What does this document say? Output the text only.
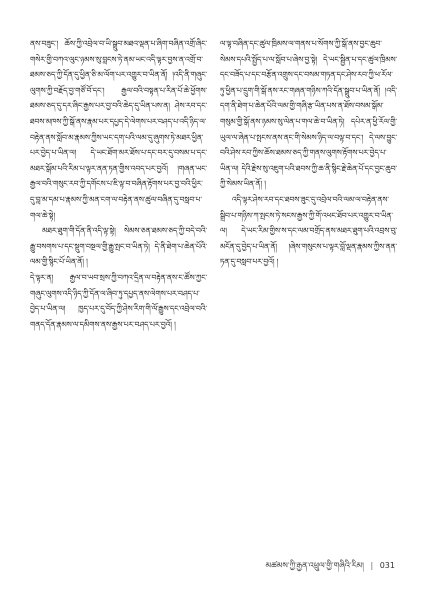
ནས་བཟུང་། ཆོས་ཀྱི་འབྲེལ་བ་ཡི་སྒྲུབ་མཐའ་ལྡན་པ་ཞིག་བཞིན་འགྲོ་ཞིང་གསེར་གྱི་བཀའ་ལུང་ཉམས་སུ་བླངས་ཏེ་ནམ་ཡང་འདི་ལྟར་བྱས་ན་འགྲོ་བ་ཐམས་ཅད་ཀྱི་དོན་དུ་ཕྱིན་ཅི་མ་ལོག་པར་འགྱུར་བ་ཡིན་ནོ། །འདི་ནི་གཞུང་ལུགས་ཀྱི་བརྗོད་བྱ་གཙོ་བོ་དང་། རྒྱལ་བའི་བསྟན་པ་རིན་པོ་ཆེ་ཕྱོགས་ཐམས་ཅད་དུ་དར་ཞིང་རྒྱས་པར་བྱ་བའི་ཆེད་དུ་ཡིན་པས་ན། ཤེས་རབ་དང་ཐབས་མཁས་ཀྱི་སྒོ་ནས་རྣམ་པར་དཔྱད་དེ་ལེགས་པར་བཤད་པ་འདི་ཉིད་ལ་བརྟེན་ནས་སློབ་མ་རྣམས་ཀྱིས་ཡང་དག་པའི་ལམ་དུ་ཞུགས་ཏེ་མཐར་ཕྱིན་པར་བྱེད་པ་ཡིན་ལ། དེ་ཡང་ཐོག་མར་ཐོས་པ་དང་བར་དུ་བསམ་པ་དང་མཐར་སྒོམ་པའི་རིམ་པ་ལྟར་ནན་ཏན་གྱིས་འབད་པར་བྱའོ། །གཞན་ཡང་རྒྱལ་བའི་གསུང་རབ་ཀྱི་དགོངས་པ་ཇི་ལྟ་བ་བཞིན་རྟོགས་པར་བྱ་བའི་ཕྱིར་དུ་བླ་མ་དམ་པ་རྣམས་ཀྱི་མན་ངག་ལ་བརྟེན་ནས་ཚུལ་བཞིན་དུ་བསླབ་པ་གལ་ཆེ་སྟེ།

མཐར་ཐུག་གི་དོན་ནི་འདི་ལྟ་སྟེ། སེམས་ཅན་ཐམས་ཅད་ཀྱི་བདེ་བའི་རྒྱུ་བསགས་པ་དང་སྡུག་བསྔལ་གྱི་རྒྱུ་སྤང་བ་ཡིན་ཏེ། དེ་ནི་ཐེག་པ་ཆེན་པོའི་ལམ་གྱི་སྙིང་པོ་ཡིན་ནོ། །

དེ་ལྟར་ན། རྒྱལ་བ་ཡབ་སྲས་ཀྱི་བཀའ་དྲིན་ལ་བརྟེན་ནས་ང་ཚོས་ཀྱང་གཞུང་ལུགས་འདི་ཉིད་ཀྱི་དོན་ལ་ཞིབ་ཏུ་དཔྱད་ནས་ལེགས་པར་བཤད་པ་བྱེད་པ་ཡིན་ལ། ཁྱད་པར་དུ་བོད་ཀྱི་ཤེས་རིག་གི་ལོ་རྒྱུས་དང་འབྲེལ་བའི་གནད་དོན་རྣམས་ལ་དམིགས་ནས་རྒྱས་པར་བཤད་པར་བྱའོ། །

ལ་ལྟ་བཞིན་དང་ཚུལ་ཁྲིམས་ལ་གནས་པ་སོགས་ཀྱི་སྒོ་ནས་བྱང་ཆུབ་སེམས་དཔའི་སྤྱོད་པ་ལ་སློབ་པ་ཞེས་བྱ་སྟེ། དེ་ཡང་སྦྱིན་པ་དང་ཚུལ་ཁྲིམས་དང་བཟོད་པ་དང་བརྩོན་འགྲུས་དང་བསམ་གཏན་དང་ཤེས་རབ་ཀྱི་ཕ་རོལ་ཏུ་ཕྱིན་པ་དྲུག་གི་སྒོ་ནས་རང་གཞན་གཉིས་ཀའི་དོན་སྒྲུབ་པ་ཡིན་ནོ། །འདི་དག་ནི་ཐེག་པ་ཆེན་པོའི་ལམ་གྱི་གཞི་རྩ་ཡིན་པས་ན་ཐོས་བསམ་སྒོམ་གསུམ་གྱི་སྒོ་ནས་ཉམས་སུ་ལེན་པ་གལ་ཆེ་བ་ཡིན་ཏེ། དཔེར་ན་ཕྱི་རོལ་གྱི་ཡུལ་ལ་ཞེན་པ་སྤངས་ནས་ནང་གི་སེམས་ཉིད་ལ་བལྟ་བ་དང་། དེ་ལས་བྱུང་བའི་ཤེས་རབ་ཀྱིས་ཆོས་ཐམས་ཅད་ཀྱི་གནས་ལུགས་རྟོགས་པར་བྱེད་པ་ཡིན་ལ། དེའི་རྗེས་སུ་འཇུག་པའི་ཐབས་ཀྱི་ཆ་ནི་སྙིང་རྗེ་ཆེན་པོ་དང་བྱང་ཆུབ་ཀྱི་སེམས་ཡིན་ནོ། །

འདི་ལྟར་ཤེས་རབ་དང་ཐབས་ཟུང་དུ་འབྲེལ་བའི་ལམ་ལ་བརྟེན་ནས་སྒྲིབ་པ་གཉིས་ཀ་སྤངས་ཏེ་སངས་རྒྱས་ཀྱི་གོ་འཕང་ཐོབ་པར་འགྱུར་བ་ཡིན་ལ། དེ་ཡང་རིམ་གྱིས་ས་དང་ལམ་བགྲོད་ནས་མཐར་ཐུག་པའི་འབྲས་བུ་མངོན་དུ་བྱེད་པ་ཡིན་ནོ། །ཞེས་གསུངས་པ་ལྟར་བློ་ལྡན་རྣམས་ཀྱིས་ནན་ཏན་དུ་བསླབ་པར་བྱའོ། །

མཚམས་ཀྱི་རྒྱན་འཕྲུལ་གྱི་གཞིའི་རིམ། | 031
